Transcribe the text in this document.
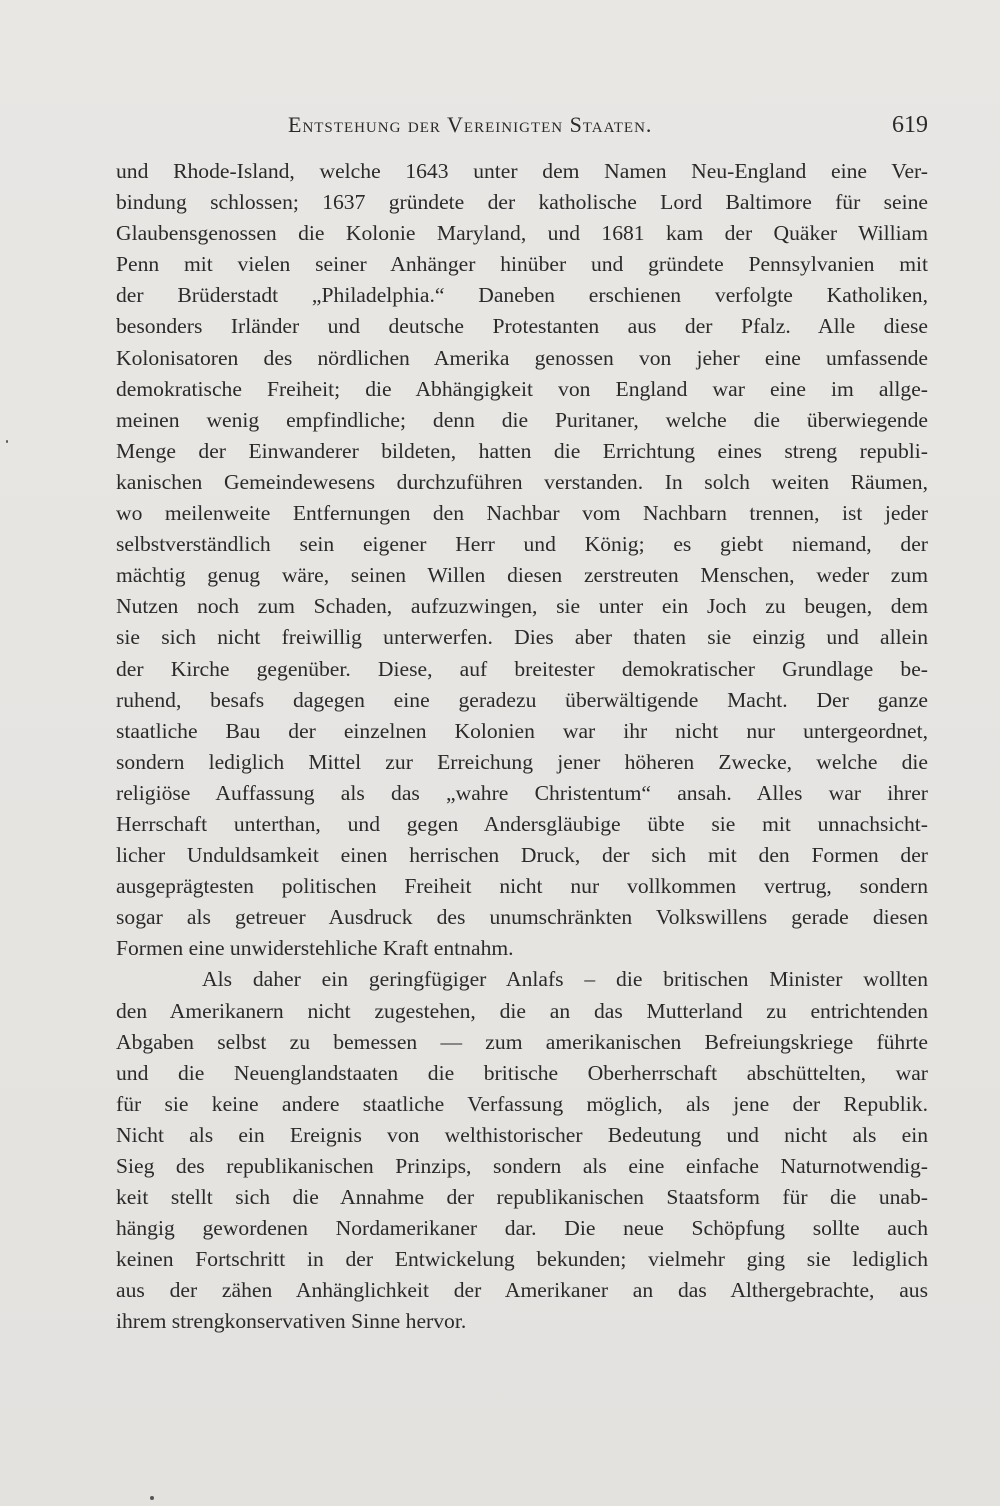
Entstehung der Vereinigten Staaten.	619
und Rhode-Island, welche 1643 unter dem Namen Neu-England eine Ver-
bindung schlossen; 1637 gründete der katholische Lord Baltimore für seine
Glaubensgenossen die Kolonie Maryland, und 1681 kam der Quäker William
Penn mit vielen seiner Anhänger hinüber und gründete Pennsylvanien mit
der Brüderstadt „Philadelphia.“ Daneben erschienen verfolgte Katholiken,
besonders Irländer und deutsche Protestanten aus der Pfalz. Alle diese
Kolonisatoren des nördlichen Amerika genossen von jeher eine umfassende
demokratische Freiheit; die Abhängigkeit von England war eine im allge-
meinen wenig empfindliche; denn die Puritaner, welche die überwiegende
Menge der Einwanderer bildeten, hatten die Errichtung eines streng republi-
kanischen Gemeindewesens durchzuführen verstanden. In solch weiten Räumen,
wo meilenweite Entfernungen den Nachbar vom Nachbarn trennen, ist jeder
selbstverständlich sein eigener Herr und König; es giebt niemand, der
mächtig genug wäre, seinen Willen diesen zerstreuten Menschen, weder zum
Nutzen noch zum Schaden, aufzuzwingen, sie unter ein Joch zu beugen, dem
sie sich nicht freiwillig unterwerfen. Dies aber thaten sie einzig und allein
der Kirche gegenüber. Diese, auf breitester demokratischer Grundlage be-
ruhend, besafs dagegen eine geradezu überwältigende Macht. Der ganze
staatliche Bau der einzelnen Kolonien war ihr nicht nur untergeordnet,
sondern lediglich Mittel zur Erreichung jener höheren Zwecke, welche die
religiöse Auffassung als das „wahre Christentum“ ansah. Alles war ihrer
Herrschaft unterthan, und gegen Andersgläubige übte sie mit unnachsicht-
licher Unduldsamkeit einen herrischen Druck, der sich mit den Formen der
ausgeprägtesten politischen Freiheit nicht nur vollkommen vertrug, sondern
sogar als getreuer Ausdruck des unumschränkten Volkswillens gerade diesen
Formen eine unwiderstehliche Kraft entnahm.
Als daher ein geringfügiger Anlafs – die britischen Minister wollten
den Amerikanern nicht zugestehen, die an das Mutterland zu entrichtenden
Abgaben selbst zu bemessen — zum amerikanischen Befreiungskriege führte
und die Neuenglandstaaten die britische Oberherrschaft abschüttelten, war
für sie keine andere staatliche Verfassung möglich, als jene der Republik.
Nicht als ein Ereignis von welthistorischer Bedeutung und nicht als ein
Sieg des republikanischen Prinzips, sondern als eine einfache Naturnotwendig-
keit stellt sich die Annahme der republikanischen Staatsform für die unab-
hängig gewordenen Nordamerikaner dar. Die neue Schöpfung sollte auch
keinen Fortschritt in der Entwickelung bekunden; vielmehr ging sie lediglich
aus der zähen Anhänglichkeit der Amerikaner an das Althergebrachte, aus
ihrem strengkonservativen Sinne hervor.
